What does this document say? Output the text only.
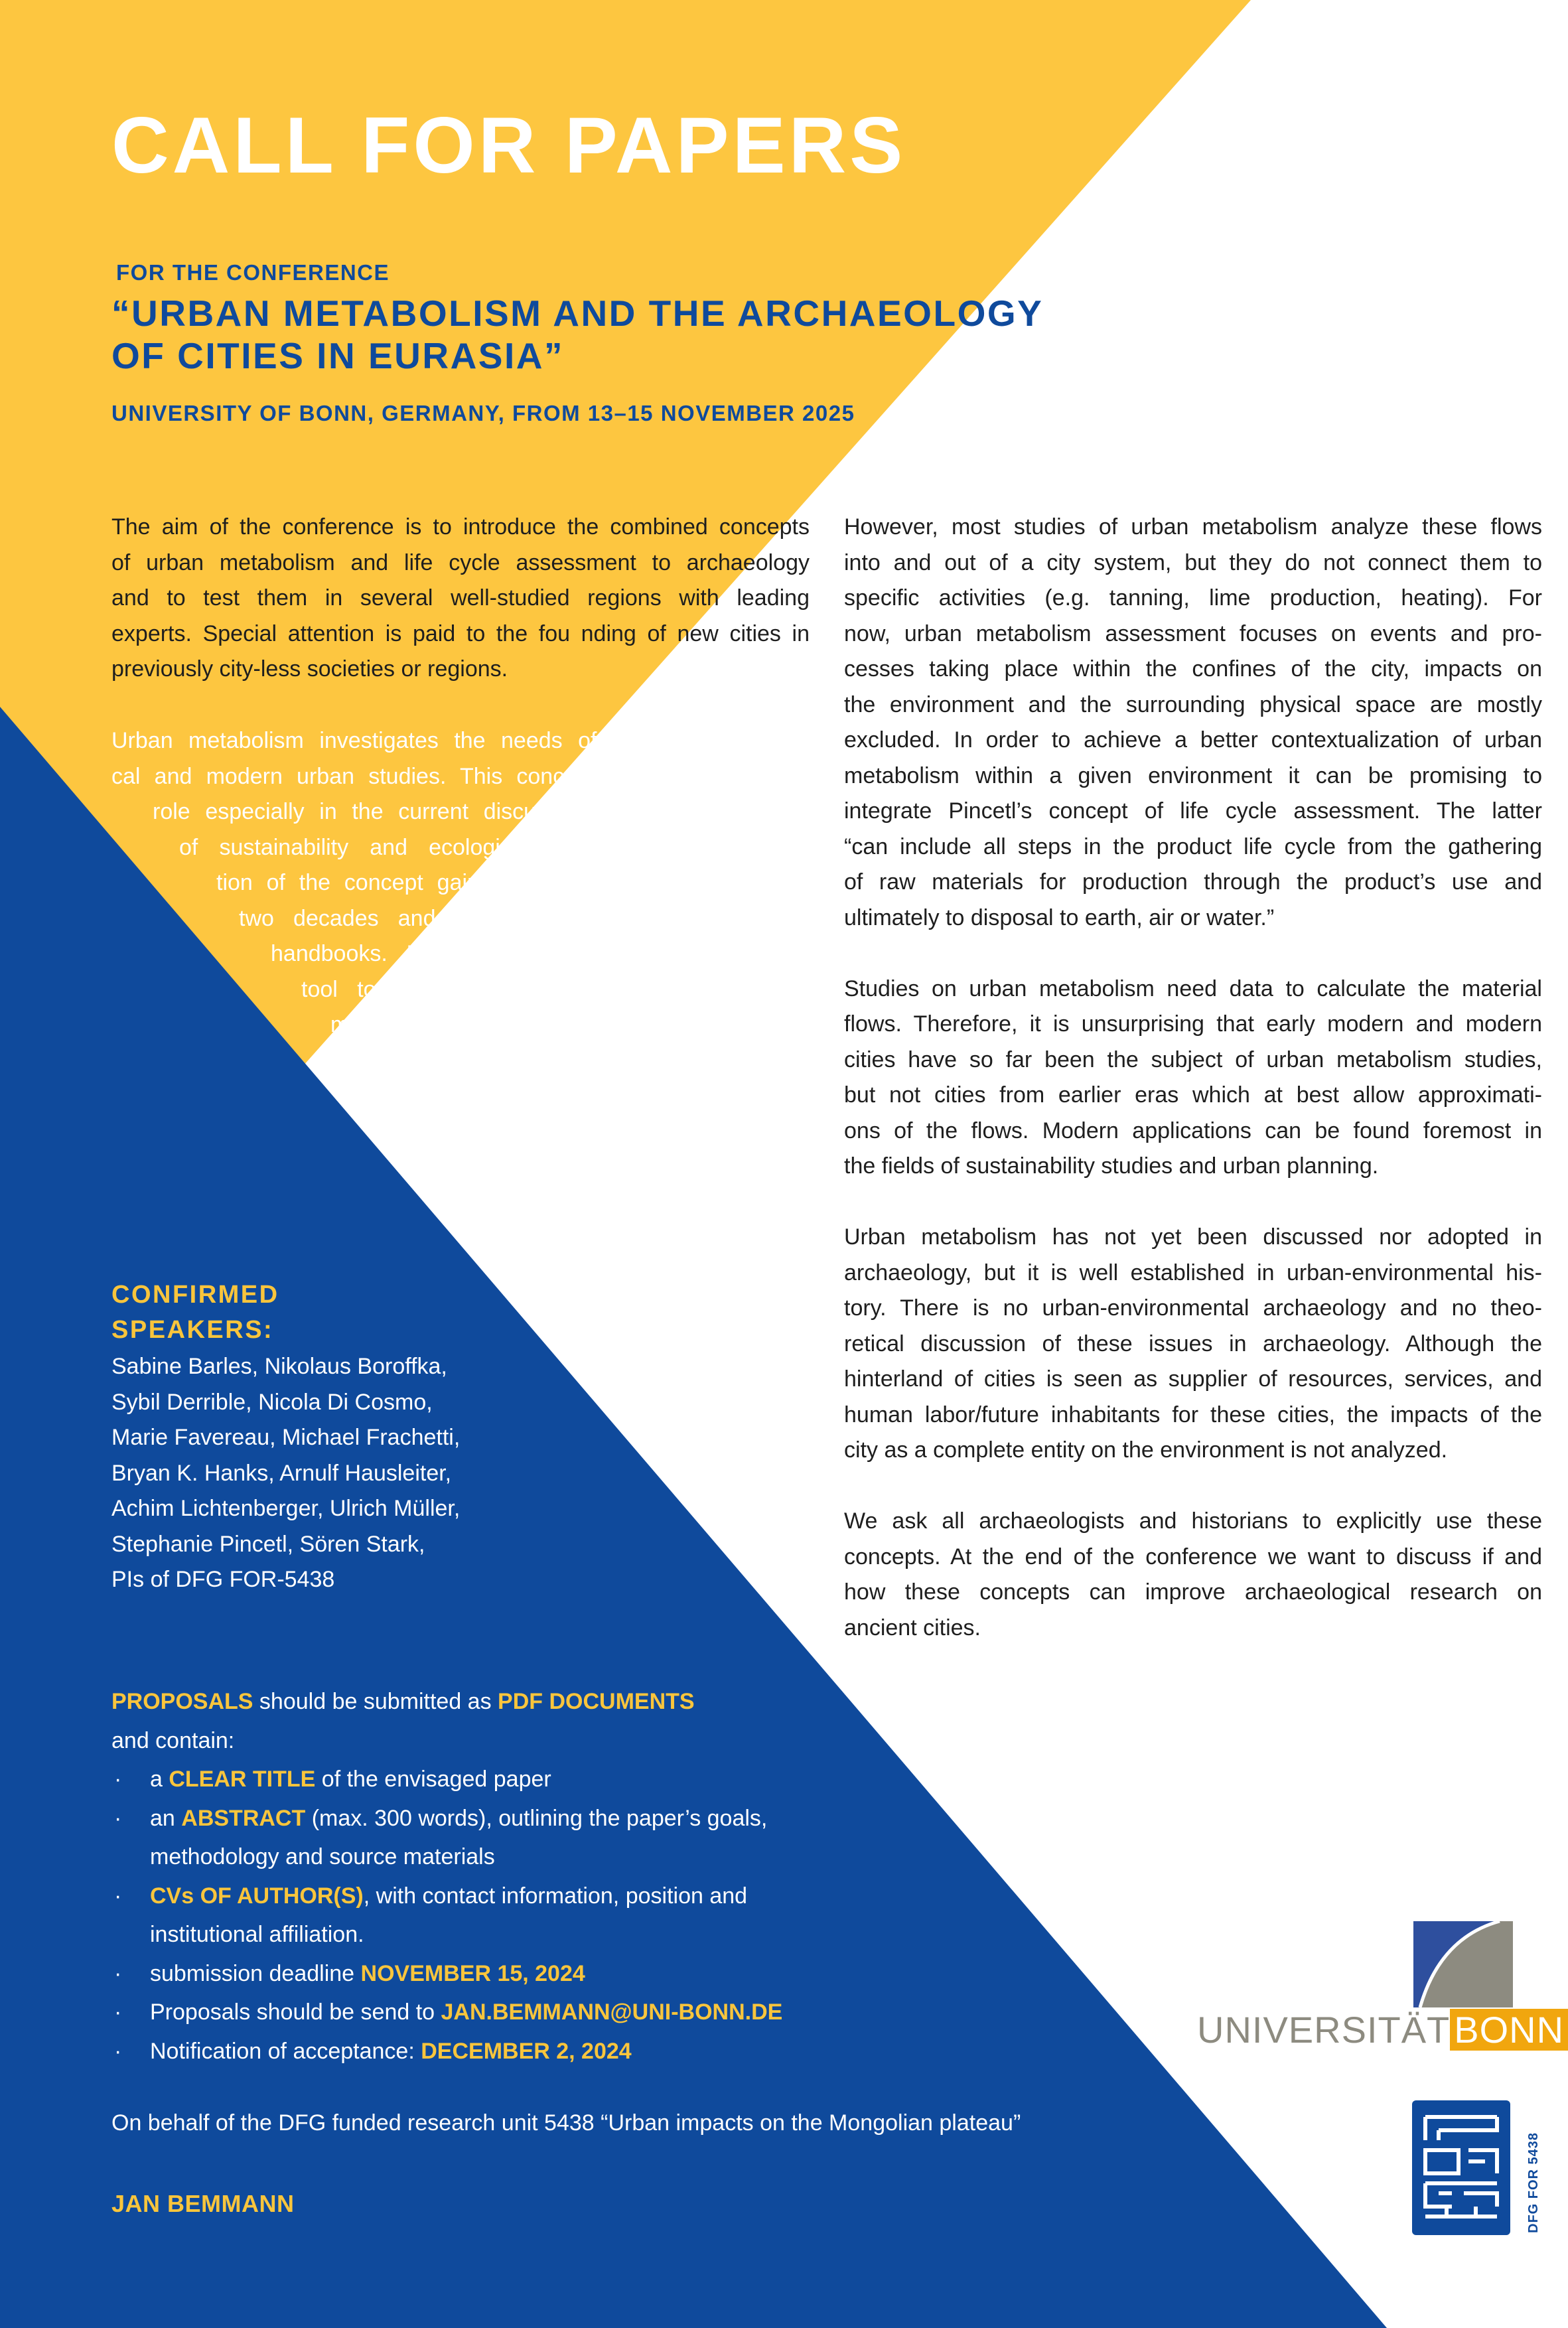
CALL FOR PAPERS
FOR THE CONFERENCE
“URBAN METABOLISM AND THE ARCHAEOLOGY
OF CITIES IN EURASIA”
UNIVERSITY OF BONN, GERMANY, FROM 13–15 NOVEMBER 2025
The aim of the conference is to introduce the combined concepts
of urban metabolism and life cycle assessment to archaeology
and to test them in several well-studied regions with leading
experts. Special attention is paid to the fou nding of new cities in
previously city-less societies or regions.
Urban metabolism investigates the needs of the city in histori-
cal and modern urban studies. This concept plays an important
role especially in the current discussions on the challenges
of sustainability and ecological footprints. The applica-
tion of the concept gained momentum during the past
two decades and has been presented in several
handbooks. Urban metabolism assessment is a
tool to collect data on energy consumption,
materials flows (e.g., construction materials),
movement of goods, transportation and
the energy and materials used to cons-
truct transportation infrastructure,
building types and locations,
economic activity and waste
generation. It traces flows
between a city and its
surrounding environ-
ment.
However, most studies of urban metabolism analyze these flows
into and out of a city system, but they do not connect them to
specific activities (e.g. tanning, lime production, heating). For
now, urban metabolism assessment focuses on events and pro-
cesses taking place within the confines of the city, impacts on
the environment and the surrounding physical space are mostly
excluded. In order to achieve a better contextualization of urban
metabolism within a given environment it can be promising to
integrate Pincetl’s concept of life cycle assessment. The latter
“can include all steps in the product life cycle from the gathering
of raw materials for production through the product’s use and
ultimately to disposal to earth, air or water.”
Studies on urban metabolism need data to calculate the material
flows. Therefore, it is unsurprising that early modern and modern
cities have so far been the subject of urban metabolism studies,
but not cities from earlier eras which at best allow approximati-
ons of the flows. Modern applications can be found foremost in
the fields of sustainability studies and urban planning.
Urban metabolism has not yet been discussed nor adopted in
archaeology, but it is well established in urban-environmental his-
tory. There is no urban-environmental archaeology and no theo-
retical discussion of these issues in archaeology. Although the
hinterland of cities is seen as supplier of resources, services, and
human labor/future inhabitants for these cities, the impacts of the
city as a complete entity on the environment is not analyzed.
We ask all archaeologists and historians to explicitly use these
concepts. At the end of the conference we want to discuss if and
how these concepts can improve archaeological research on
ancient cities.
CONFIRMED
SPEAKERS:
Sabine Barles, Nikolaus Boroffka,
Sybil Derrible, Nicola Di Cosmo,
Marie Favereau, Michael Frachetti,
Bryan K. Hanks, Arnulf Hausleiter,
Achim Lichtenberger, Ulrich Müller,
Stephanie Pincetl, Sören Stark,
PIs of DFG FOR-5438
PROPOSALS should be submitted as PDF DOCUMENTS
and contain:
· a CLEAR TITLE of the envisaged paper
· an ABSTRACT (max. 300 words), outlining the paper’s goals,
methodology and source materials
· CVs OF AUTHOR(S), with contact information, position and
institutional affiliation.
· submission deadline NOVEMBER 15, 2024
· Proposals should be send to JAN.BEMMANN@UNI-BONN.DE
· Notification of acceptance: DECEMBER 2, 2024
On behalf of the DFG funded research unit 5438 “Urban impacts on the Mongolian plateau”
JAN BEMMANN
UNIVERSITÄT BONN
DFG FOR 5438
